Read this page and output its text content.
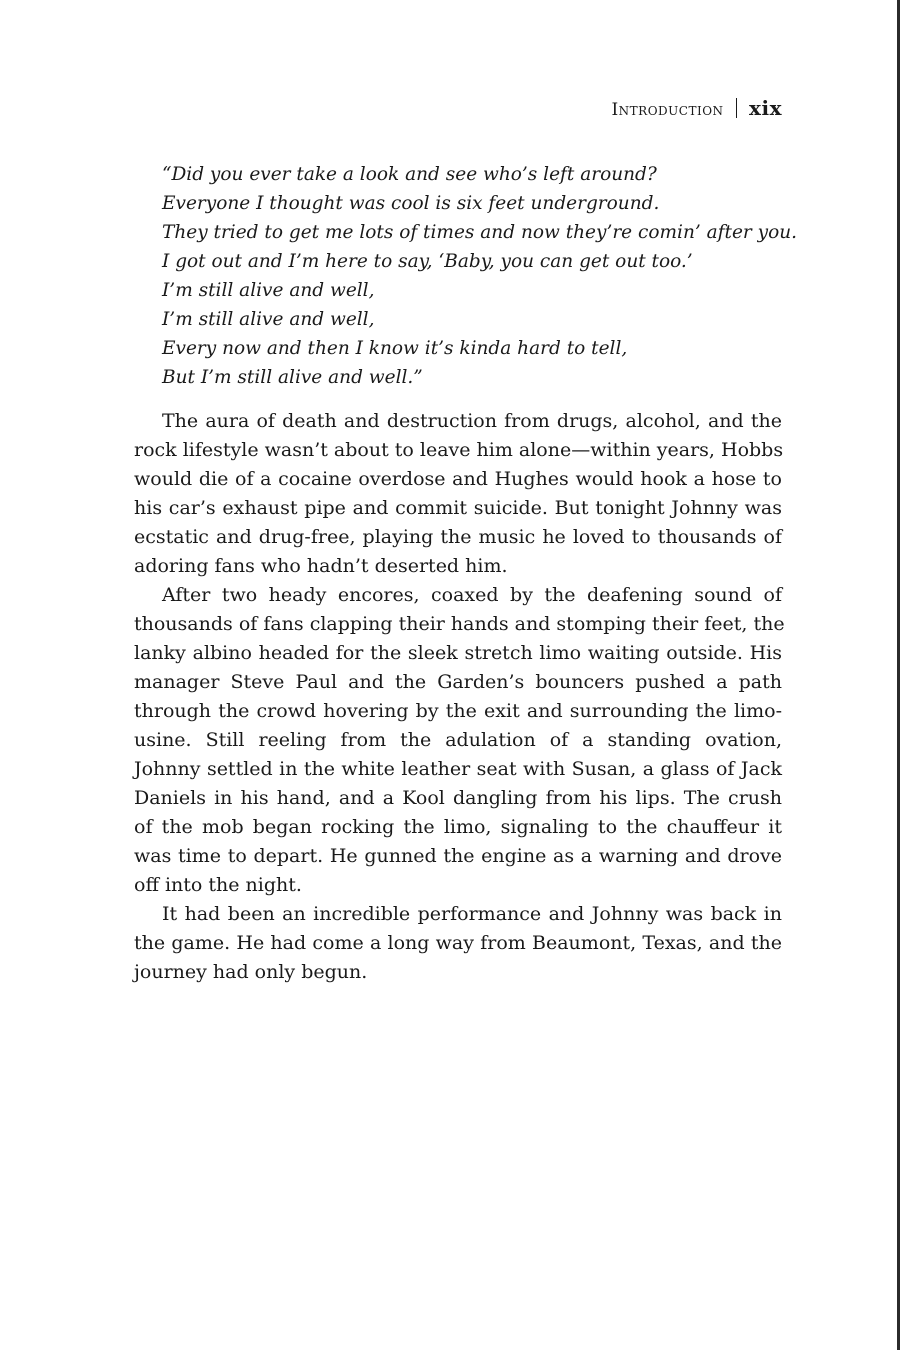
Introduction xix
“Did you ever take a look and see who’s left around?
Everyone I thought was cool is six feet underground.
They tried to get me lots of times and now they’re comin’ after you.
I got out and I’m here to say, ‘Baby, you can get out too.’
I’m still alive and well,
I’m still alive and well,
Every now and then I know it’s kinda hard to tell,
But I’m still alive and well.”
The aura of death and destruction from drugs, alcohol, and the
rock lifestyle wasn’t about to leave him alone—within years, Hobbs
would die of a cocaine overdose and Hughes would hook a hose to
his car’s exhaust pipe and commit suicide. But tonight Johnny was
ecstatic and drug-free, playing the music he loved to thousands of
adoring fans who hadn’t deserted him.
After two heady encores, coaxed by the deafening sound of
thousands of fans clapping their hands and stomping their feet, the
lanky albino headed for the sleek stretch limo waiting outside. His
manager Steve Paul and the Garden’s bouncers pushed a path
through the crowd hovering by the exit and surrounding the limo-
usine. Still reeling from the adulation of a standing ovation,
Johnny settled in the white leather seat with Susan, a glass of Jack
Daniels in his hand, and a Kool dangling from his lips. The crush
of the mob began rocking the limo, signaling to the chauffeur it
was time to depart. He gunned the engine as a warning and drove
off into the night.
It had been an incredible performance and Johnny was back in
the game. He had come a long way from Beaumont, Texas, and the
journey had only begun.
